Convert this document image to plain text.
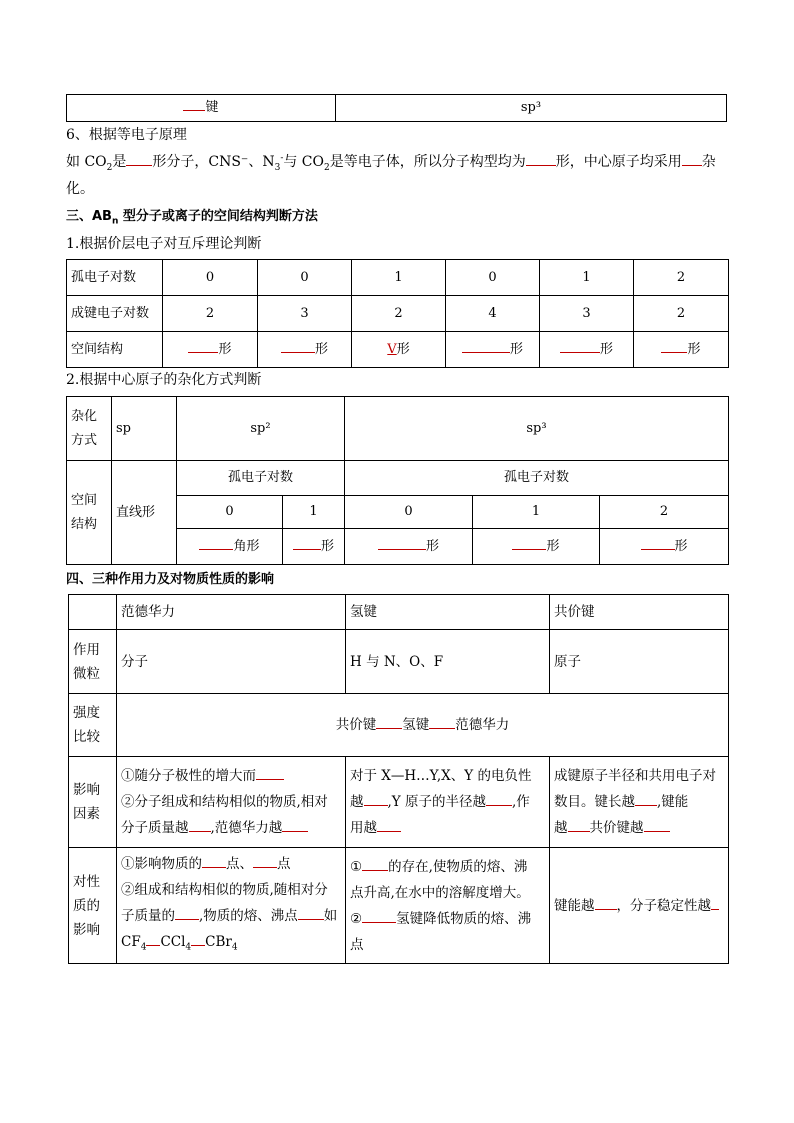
键	sp³
6、根据等电子原理
如 $CO_2$是 形分子，CNS⁻、$N_3^-$与 $CO_2$是等电子体，所以分子构型均为 形，中心原子均采用 杂
化。
三、$AB_n$ 型分子或离子的空间结构判断方法
1.根据价层电子对互斥理论判断
孤电子对数	0	0	1	0	1	2
成键电子对数	2	3	2	4	3	2
空间结构	形	形	V形	形	形	形
2.根据中心原子的杂化方式判断
杂化方式	sp	sp²		sp³		
空间结构	直线形	孤电子对数		孤电子对数		
		0	1	0	1	2
		角形	形	形	形	形
四、三种作用力及对物质性质的影响
	范德华力	氢键	共价键
作用微粒	分子	H 与 N、O、F	原子
强度比较	共价键 氢键 范德华力		
影响因素	①随分子极性的增大而
②分子组成和结构相似的物质,相对
分子质量越 ,范德华力越	对于 X—H…Y,X、Y 的电负性
越 ,Y 原子的半径越 ,作
用越	成键原子半径和共用电子对
数目。键长越 ,键能
越 共价键越
对性质的影响	①影响物质的 点、 点
②组成和结构相似的物质,随相对分
子质量的 ,物质的熔、沸点 如
$CF_4$ CCl$_4$ CBr$_4$	① 的存在,使物质的熔、沸
点升高,在水中的溶解度增大。
② 氢键降低物质的熔、沸
点	键能越 ，分子稳定性越
